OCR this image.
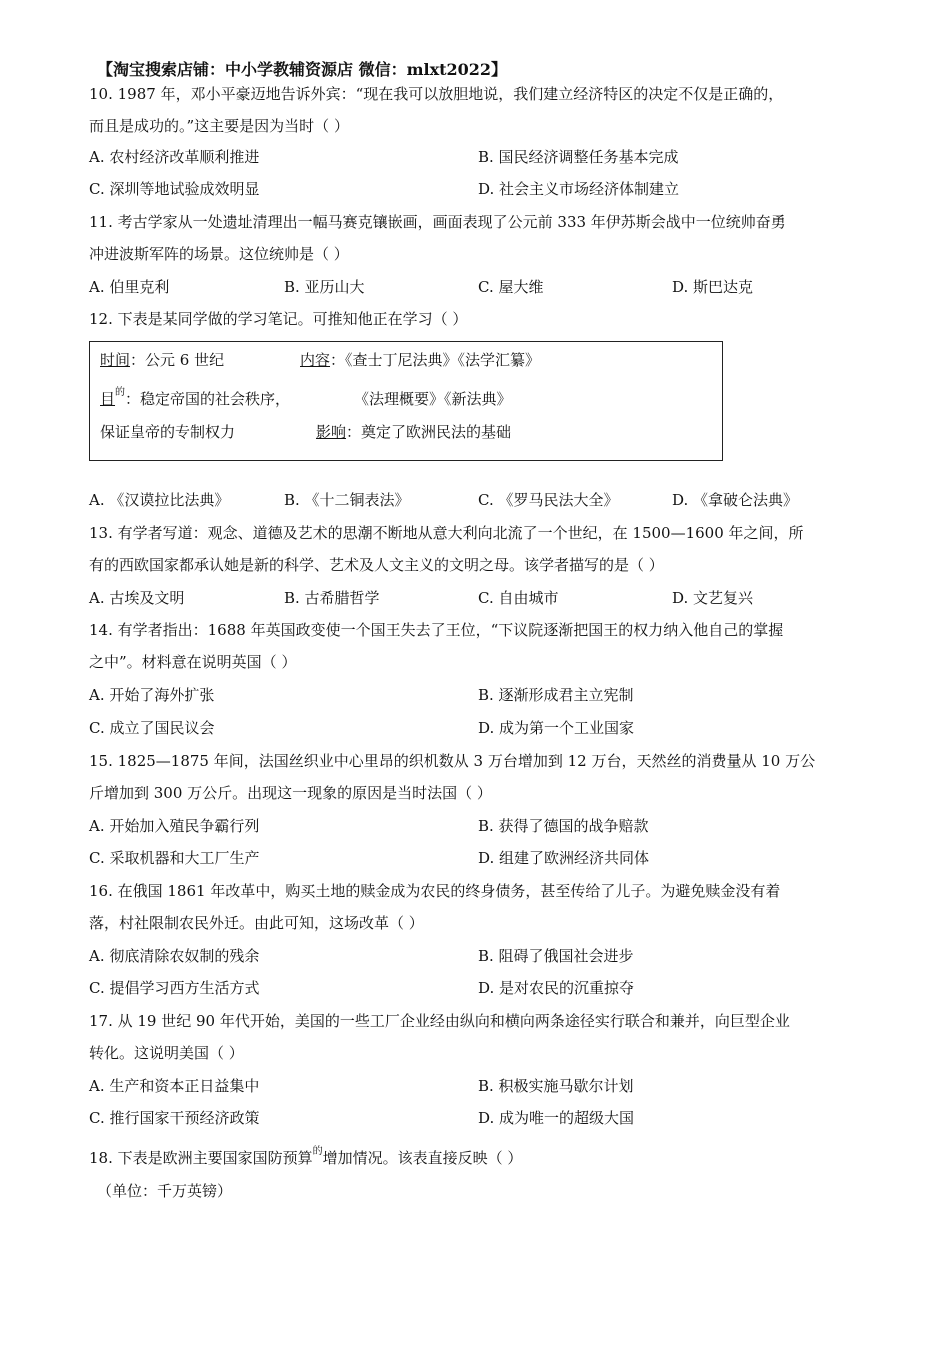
【淘宝搜索店铺：中小学教辅资源店 微信：mlxt2022】
10. 1987 年，邓小平豪迈地告诉外宾：“现在我可以放胆地说，我们建立经济特区的决定不仅是正确的，
而且是成功的。”这主要是因为当时（ ）
A. 农村经济改革顺利推进	B. 国民经济调整任务基本完成
C. 深圳等地试验成效明显	D. 社会主义市场经济体制建立
11. 考古学家从一处遗址清理出一幅马赛克镶嵌画，画面表现了公元前 333 年伊苏斯会战中一位统帅奋勇
冲进波斯军阵的场景。这位统帅是（ ）
A. 伯里克利	B. 亚历山大	C. 屋大维	D. 斯巴达克
12. 下表是某同学做的学习笔记。可推知他正在学习（ ）
时间：公元 6 世纪	内容：《查士丁尼法典》《法学汇纂》
目$^的$：稳定帝国的社会秩序，	《法理概要》《新法典》
保证皇帝的专制权力	影响：奠定了欧洲民法的基础
A. 《汉谟拉比法典》	B. 《十二铜表法》	C. 《罗马民法大全》	D. 《拿破仑法典》
13. 有学者写道：观念、道德及艺术的思潮不断地从意大利向北流了一个世纪，在 1500—1600 年之间，所
有的西欧国家都承认她是新的科学、艺术及人文主义的文明之母。该学者描写的是（ ）
A. 古埃及文明	B. 古希腊哲学	C. 自由城市	D. 文艺复兴
14. 有学者指出：1688 年英国政变使一个国王失去了王位，“下议院逐渐把国王的权力纳入他自己的掌握
之中”。材料意在说明英国（ ）
A. 开始了海外扩张	B. 逐渐形成君主立宪制
C. 成立了国民议会	D. 成为第一个工业国家
15. 1825—1875 年间，法国丝织业中心里昂的织机数从 3 万台增加到 12 万台，天然丝的消费量从 10 万公
斤增加到 300 万公斤。出现这一现象的原因是当时法国（ ）
A. 开始加入殖民争霸行列	B. 获得了德国的战争赔款
C. 采取机器和大工厂生产	D. 组建了欧洲经济共同体
16. 在俄国 1861 年改革中，购买土地的赎金成为农民的终身债务，甚至传给了儿子。为避免赎金没有着
落，村社限制农民外迁。由此可知，这场改革（ ）
A. 彻底清除农奴制的残余	B. 阻碍了俄国社会进步
C. 提倡学习西方生活方式	D. 是对农民的沉重掠夺
17. 从 19 世纪 90 年代开始，美国的一些工厂企业经由纵向和横向两条途径实行联合和兼并，向巨型企业
转化。这说明美国（ ）
A. 生产和资本正日益集中	B. 积极实施马歇尔计划
C. 推行国家干预经济政策	D. 成为唯一的超级大国
18. 下表是欧洲主要国家国防预算$^的$增加情况。该表直接反映（ ）
（单位：千万英镑）
